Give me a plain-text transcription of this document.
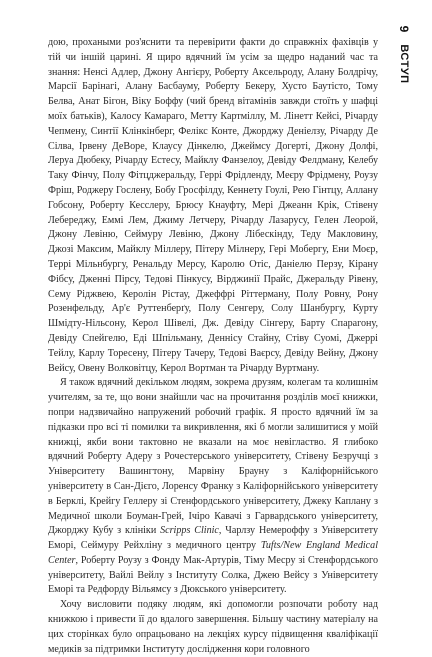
9
ВСТУП

дою, прохаными роз'яснити та перевірити факти до справжніх фахівців у тій чи іншій царині. Я щиро вдячний їм усім за щедро наданий час та знання: Ненсі Адлер, Джону Ангієру, Роберту Аксельроду, Алану Болдрічу, Марсії Барінагі, Алану Басбауму, Роберту Бекеру, Хусто Баутісто, Тому Белва, Анат Бігон, Віку Боффу (чий бренд вітамінів завжди стоїть у шафці моїх батьків), Калосу Камараго, Метту Картміллу, М. Лінетт Кейсі, Річарду Чепмену, Синтії Клінкінберг, Фелікс Конте, Джорджу Деніелзу, Річарду Де Сілва, Ірвену ДеВоре, Клаусу Дінкелю, Джеймсу Догерті, Джону Долфі, Леруа Дюбеку, Річарду Естесу, Майклу Фанзелоу, Девіду Фелдману, Келебу Таку Фінчу, Полу Фітцджеральду, Геррі Фрідленду, Меєру Фрідмену, Роузу Фріш, Роджеру Гослену, Бобу Гросфілду, Кеннету Гоулі, Рею Гінтцу, Аллану Гобсону, Роберту Кесслеру, Брюсу Кнауфту, Мері Джеанн Крік, Стівену Лебереджу, Еммі Лем, Джиму Летчеру, Річарду Лазарусу, Гелен Леорой, Джону Левіню, Сеймуру Левіню, Джону Лібескінду, Теду Макловину, Джозі Максим, Майклу Міллеру, Пітеру Мілнеру, Гері Мобергу, Ени Моєр, Террі Мільнбургу, Ренальду Мерсу, Каролю Отіс, Даніелю Перзу, Кірану Фібсу, Дженні Пірсу, Тедові Пінкусу, Вірджинії Прайс, Джеральду Рівену, Сему Ріджвею, Керолін Рістау, Джеффрі Ріттерману, Полу Ровну, Рону Розенфельду, Ар'є Руттенберґу, Полу Сенгеру, Солу Шанбургу, Курту Шмідту-Нільсону, Керол Шівелі, Дж. Девіду Сінгеру, Барту Спарагону, Девіду Спейгелю, Еді Шпільману, Деннісу Стайну, Стіву Суомі, Джеррі Тейлу, Карлу Торесену, Пітеру Тачеру, Тедові Ваєрсу, Девіду Вейну, Джону Вейсу, Овену Волковітцу, Керол Вортман та Річарду Вуртману.

Я також вдячний декільком людям, зокрема друзям, колегам та колишнім учителям, за те, що вони знайшли час на прочитання розділів моєї книжки, попри надзвичайно напружений робочий графік. Я просто вдячний їм за підказки про всі ті помилки та викривлення, які б могли залишитися у моїй книжці, якби вони тактовно не вказали на моє невігластво. Я глибоко вдячний Роберту Адеру з Рочестерського університету, Стівену Безручці з Університету Вашингтону, Марвіну Брауну з Каліфорнійського університету в Сан-Дієго, Лоренсу Франку з Каліфорнійського університету в Берклі, Крейгу Геллеру зі Стенфордського університету, Джеку Каплану з Медичної школи Боуман-Грей, Ічіро Кавачі з Гарвардського університету, Джорджу Кубу з клініки Scripps Clinic, Чарлзу Немероффу з Університету Еморі, Сеймуру Рейхліну з медичного центру Tufts/New England Medical Center, Роберту Роузу з Фонду Мак-Артурів, Тіму Месру зі Стенфордського університету, Вайлі Вейлу з Інституту Солка, Джею Вейсу з Університету Еморі та Редфорду Вільямсу з Дюкського університету.

Хочу висловити подяку людям, які допомогли розпочати роботу над книжкою і привести її до вдалого завершення. Більшу частину матеріалу на цих сторінках було опрацьовано на лекціях курсу підвищення кваліфікації медиків за підтримки Інституту дослідження кори головного
